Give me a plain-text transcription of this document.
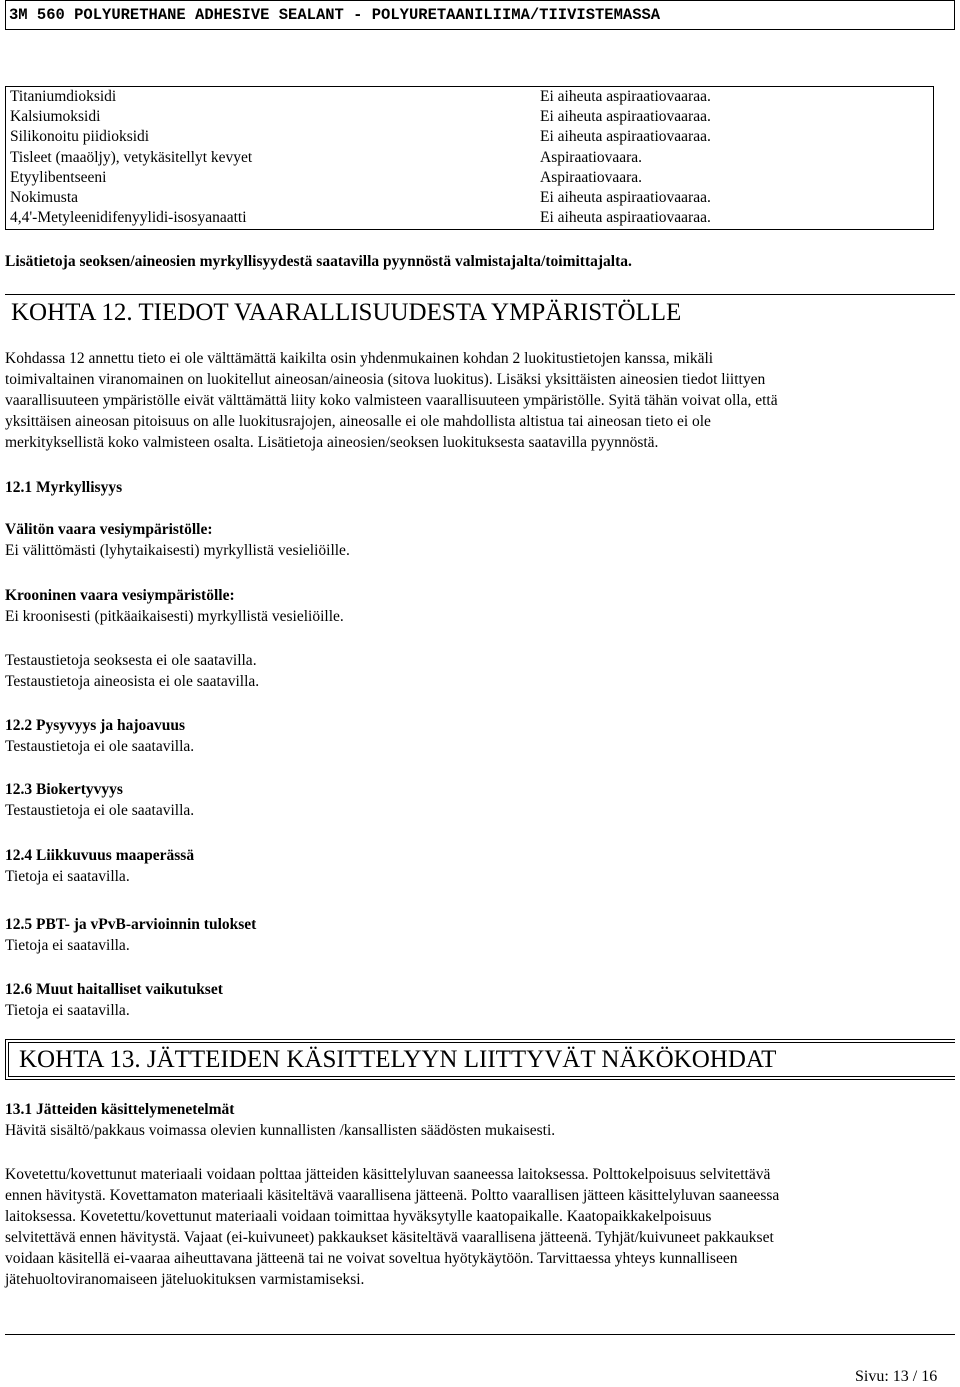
3M 560 POLYURETHANE ADHESIVE SEALANT - POLYURETAANILIIMA/TIIVISTEMASSA
Titaniumdioksidi
Kalsiumoksidi
Silikonoitu piidioksidi
Tisleet (maaöljy), vetykäsitellyt kevyet
Etyylibentseeni
Nokimusta
4,4'-Metyleenidifenyylidi-isosyanaatti
Ei aiheuta aspiraatiovaaraa.
Ei aiheuta aspiraatiovaaraa.
Ei aiheuta aspiraatiovaaraa.
Aspiraatiovaara.
Aspiraatiovaara.
Ei aiheuta aspiraatiovaaraa.
Ei aiheuta aspiraatiovaaraa.
Lisätietoja seoksen/aineosien myrkyllisyydestä saatavilla pyynnöstä valmistajalta/toimittajalta.
KOHTA 12. TIEDOT VAARALLISUUDESTA YMPÄRISTÖLLE

Kohdassa 12 annettu tieto ei ole välttämättä kaikilta osin yhdenmukainen kohdan 2 luokitustietojen kanssa, mikäli

toimivaltainen viranomainen on luokitellut aineosan/aineosia (sitova luokitus). Lisäksi yksittäisten aineosien tiedot liittyen

vaarallisuuteen ympäristölle eivät välttämättä liity koko valmisteen vaarallisuuteen ympäristölle. Syitä tähän voivat olla, että

yksittäisen aineosan pitoisuus on alle luokitusrajojen, aineosalle ei ole mahdollista altistua tai aineosan tieto ei ole

merkityksellistä koko valmisteen osalta. Lisätietoja aineosien/seoksen luokituksesta saatavilla pyynnöstä.

12.1 Myrkyllisyys

Välitön vaara vesiympäristölle:

Ei välittömästi (lyhytaikaisesti) myrkyllistä vesieliöille.

Krooninen vaara vesiympäristölle:

Ei kroonisesti (pitkäaikaisesti) myrkyllistä vesieliöille.

Testaustietoja seoksesta ei ole saatavilla.

Testaustietoja aineosista ei ole saatavilla.

12.2 Pysyvyys ja hajoavuus

Testaustietoja ei ole saatavilla.

12.3 Biokertyvyys

Testaustietoja ei ole saatavilla.

12.4 Liikkuvuus maaperässä

Tietoja ei saatavilla.

12.5 PBT- ja vPvB-arvioinnin tulokset

Tietoja ei saatavilla.

12.6 Muut haitalliset vaikutukset

Tietoja ei saatavilla.

KOHTA 13. JÄTTEIDEN KÄSITTELYYN LIITTYVÄT NÄKÖKOHDAT

13.1 Jätteiden käsittelymenetelmät

Hävitä sisältö/pakkaus voimassa olevien kunnallisten /kansallisten säädösten mukaisesti.

Kovetettu/kovettunut materiaali voidaan polttaa jätteiden käsittelyluvan saaneessa laitoksessa. Polttokelpoisuus selvitettävä

ennen hävitystä. Kovettamaton materiaali käsiteltävä vaarallisena jätteenä. Poltto vaarallisen jätteen käsittelyluvan saaneessa

laitoksessa. Kovetettu/kovettunut materiaali voidaan toimittaa hyväksytylle kaatopaikalle. Kaatopaikkakelpoisuus

selvitettävä ennen hävitystä. Vajaat (ei-kuivuneet) pakkaukset käsiteltävä vaarallisena jätteenä. Tyhjät/kuivuneet pakkaukset

voidaan käsitellä ei-vaaraa aiheuttavana jätteenä tai ne voivat soveltua hyötykäytöön. Tarvittaessa yhteys kunnalliseen

jätehuoltoviranomaiseen jäteluokituksen varmistamiseksi.

Sivu: 13 / 16
